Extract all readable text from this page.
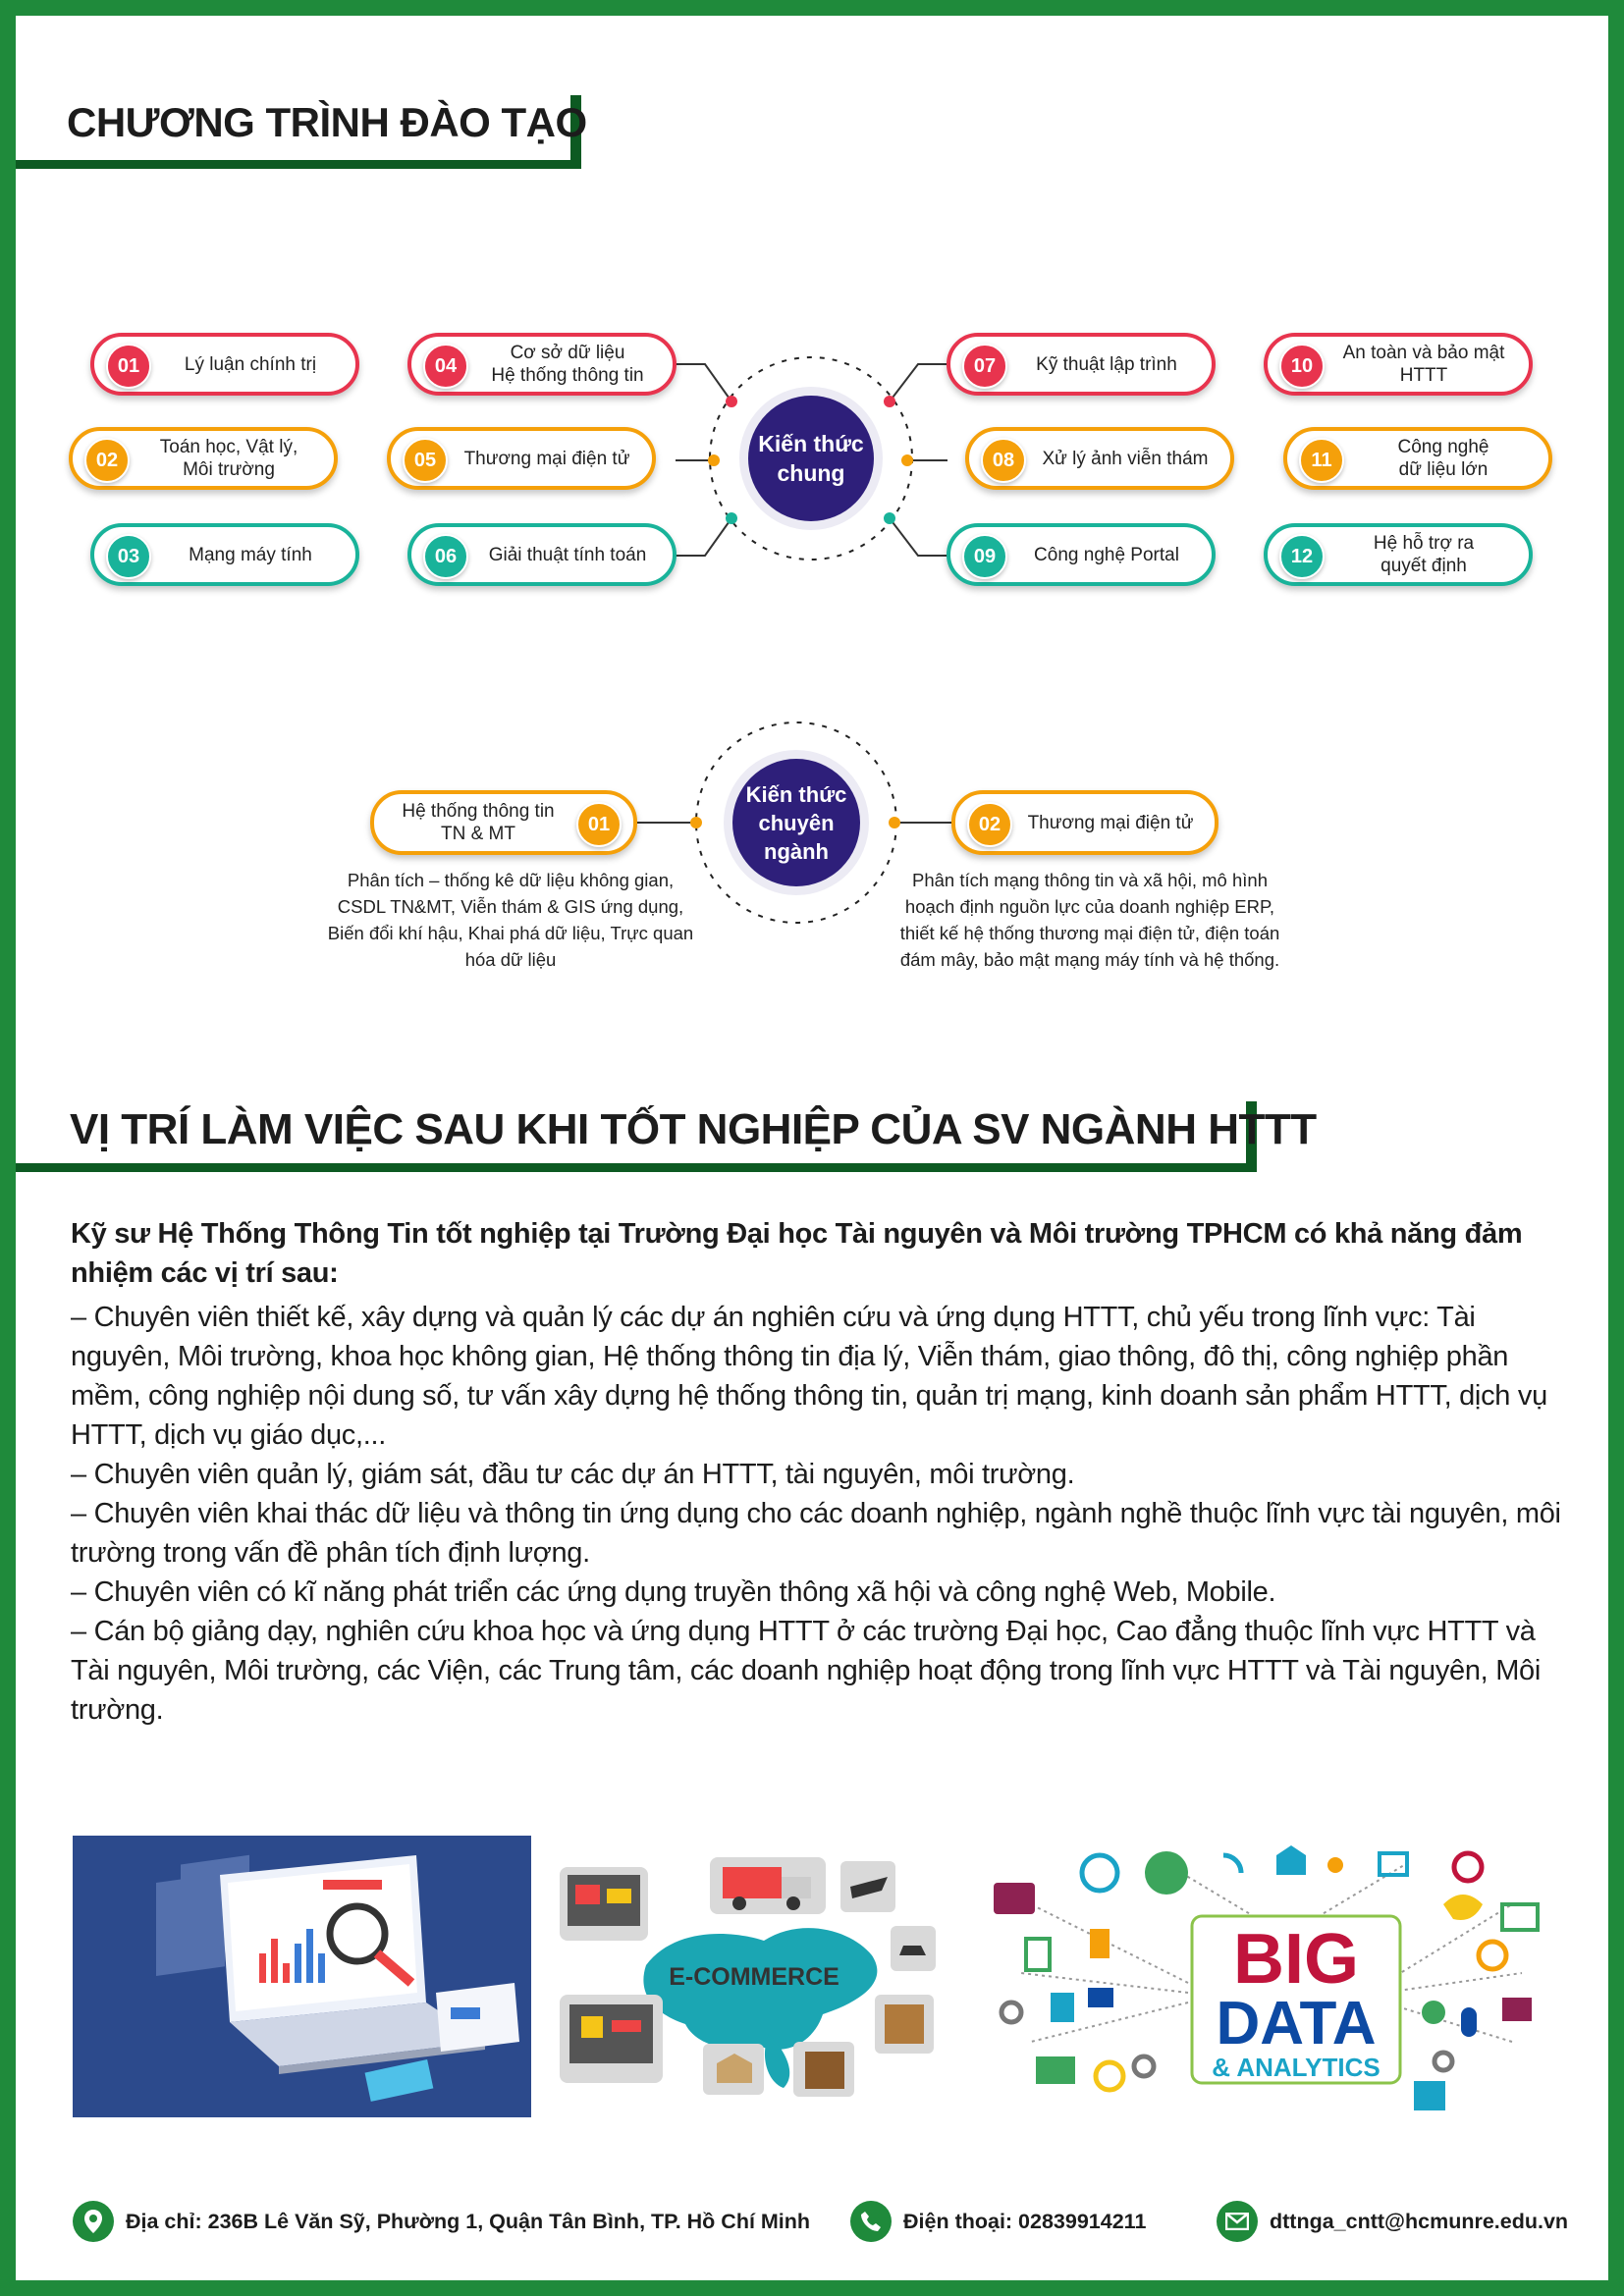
CHƯƠNG TRÌNH ĐÀO TẠO
Kiến thức
chung
01	Lý luận chính trị
02
Toán học, Vật lý,
Môi trường
03	Mạng máy tính
04
Cơ sở dữ liệu
Hệ thống thông tin
05	Thương mại điện tử
06	Giải thuật tính toán
07	Kỹ thuật lập trình
08	Xử lý ảnh viễn thám
09	Công nghệ Portal
10
An toàn và bảo mật
HTTT
11
Công nghệ
dữ liệu lớn
12
Hệ hỗ trợ ra
quyết định
Kiến thức
chuyên
ngành
01
Hệ thống thông tin
TN & MT
Phân tích – thống kê dữ liệu không gian,
CSDL TN&MT, Viễn thám & GIS ứng dụng,
Biến đổi khí hậu, Khai phá dữ liệu, Trực quan
hóa dữ liệu
02	Thương mại điện tử
Phân tích mạng thông tin và xã hội, mô hình
hoạch định nguồn lực của doanh nghiệp ERP,
thiết kế hệ thống thương mại điện tử, điện toán
đám mây, bảo mật mạng máy tính và hệ thống.
VỊ TRÍ LÀM VIỆC SAU KHI TỐT NGHIỆP CỦA SV NGÀNH HTTT
Kỹ sư Hệ Thống Thông Tin tốt nghiệp tại Trường Đại học Tài nguyên và Môi trường TPHCM có khả năng đảm nhiệm các vị trí sau:
– Chuyên viên thiết kế, xây dựng và quản lý các dự án nghiên cứu và ứng dụng HTTT, chủ yếu trong lĩnh vực: Tài nguyên, Môi trường, khoa học không gian, Hệ thống thông tin địa lý, Viễn thám, giao thông, đô thị, công nghiệp phần mềm, công nghiệp nội dung số, tư vấn xây dựng hệ thống thông tin, quản trị mạng, kinh doanh sản phẩm HTTT, dịch vụ HTTT, dịch vụ giáo dục,...
– Chuyên viên quản lý, giám sát, đầu tư các dự án HTTT, tài nguyên, môi trường.
– Chuyên viên khai thác dữ liệu và thông tin ứng dụng cho các doanh nghiệp, ngành nghề thuộc lĩnh vực tài nguyên, môi trường trong vấn đề phân tích định lượng.
– Chuyên viên có kĩ năng phát triển các ứng dụng truyền thông xã hội và công nghệ Web, Mobile.
– Cán bộ giảng dạy, nghiên cứu khoa học và ứng dụng HTTT ở các trường Đại học, Cao đẳng thuộc lĩnh vực HTTT và Tài nguyên, Môi trường, các Viện, các Trung tâm, các doanh nghiệp hoạt động trong lĩnh vực HTTT và Tài nguyên, Môi trường.
E-COMMERCE	BIG
DATA
& ANALYTICS
Địa chỉ: 236B Lê Văn Sỹ, Phường 1, Quận Tân Bình, TP. Hồ Chí Minh	Điện thoại: 02839914211	dttnga_cntt@hcmunre.edu.vn
